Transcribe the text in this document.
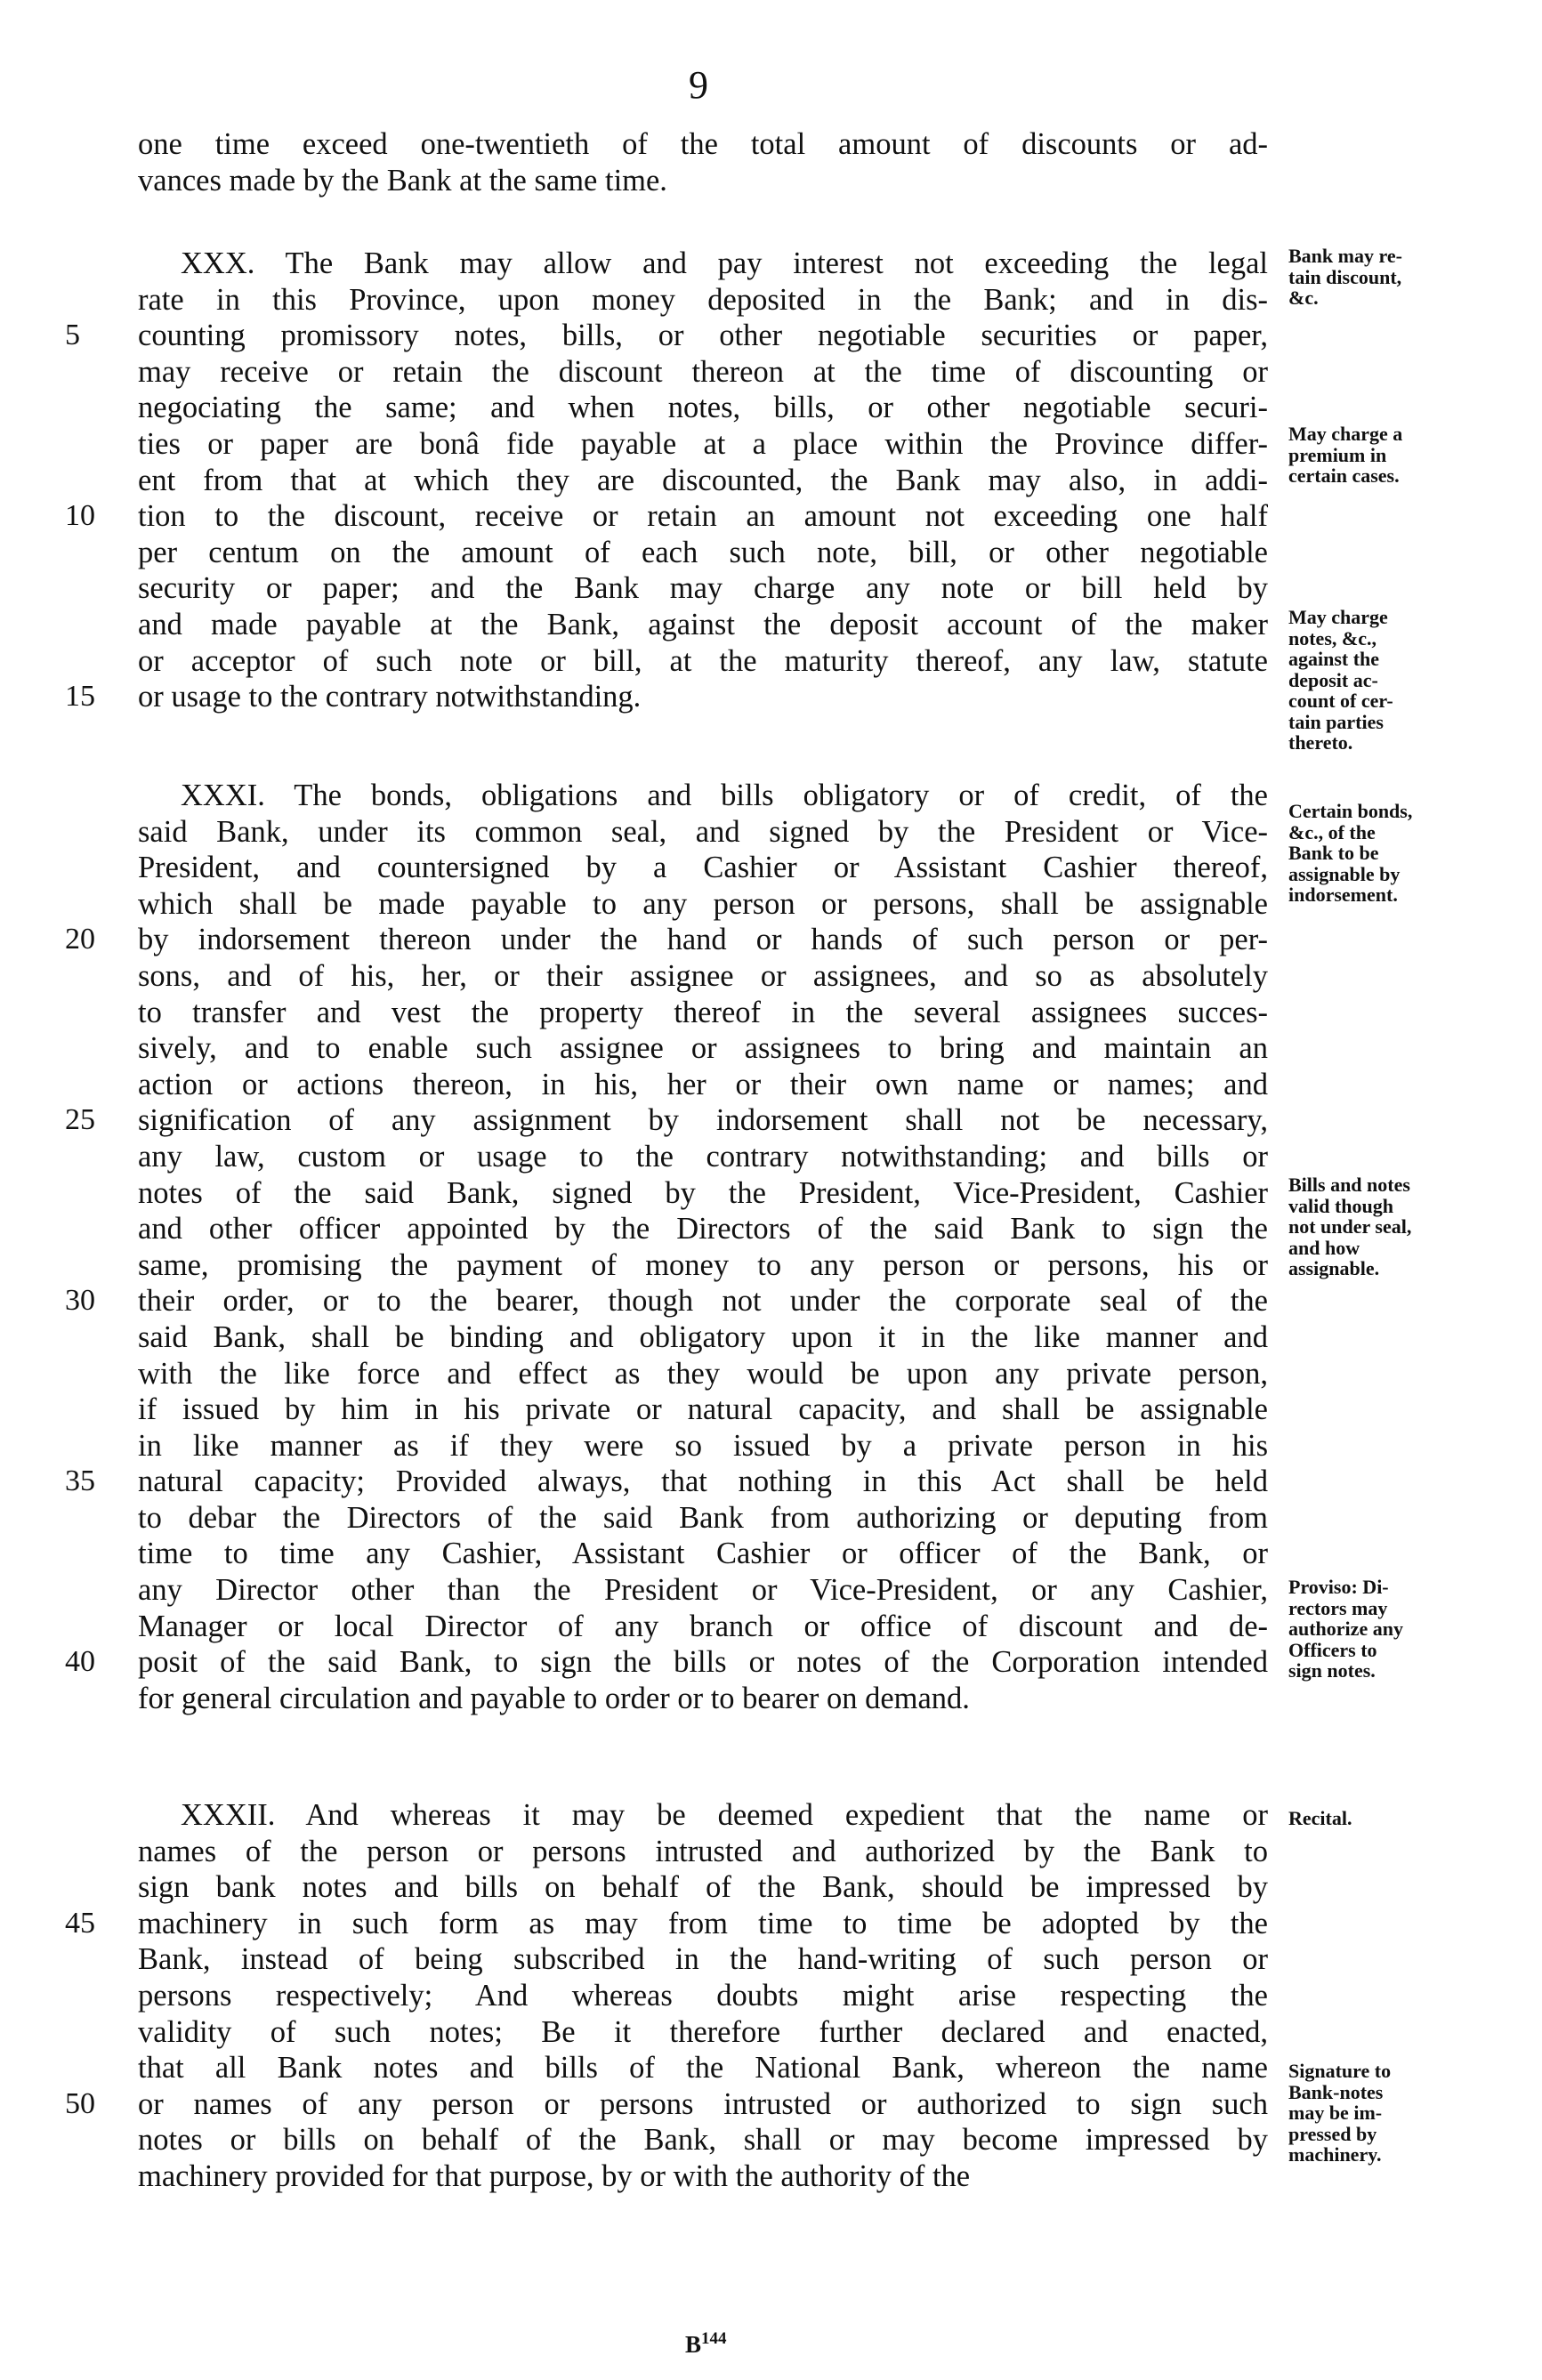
9
one time exceed one-twentieth of the total amount of discounts or ad-
vances made by the Bank at the same time.
XXX. The Bank may allow and pay interest not exceeding the legal
rate in this Province, upon money deposited in the Bank; and in dis-
counting promissory notes, bills, or other negotiable securities or paper,
5
may receive or retain the discount thereon at the time of discounting or
negociating the same; and when notes, bills, or other negotiable securi-
ties or paper are bonâ fide payable at a place within the Province differ-
ent from that at which they are discounted, the Bank may also, in addi-
tion to the discount, receive or retain an amount not exceeding one half
10
per centum on the amount of each such note, bill, or other negotiable
security or paper; and the Bank may charge any note or bill held by
and made payable at the Bank, against the deposit account of the maker
or acceptor of such note or bill, at the maturity thereof, any law, statute
or usage to the contrary notwithstanding.
15
XXXI. The bonds, obligations and bills obligatory or of credit, of the
said Bank, under its common seal, and signed by the President or Vice-
President, and countersigned by a Cashier or Assistant Cashier thereof,
which shall be made payable to any person or persons, shall be assignable
by indorsement thereon under the hand or hands of such person or per-
20
sons, and of his, her, or their assignee or assignees, and so as absolutely
to transfer and vest the property thereof in the several assignees succes-
sively, and to enable such assignee or assignees to bring and maintain an
action or actions thereon, in his, her or their own name or names; and
signification of any assignment by indorsement shall not be necessary,
25
any law, custom or usage to the contrary notwithstanding; and bills or
notes of the said Bank, signed by the President, Vice-President, Cashier
and other officer appointed by the Directors of the said Bank to sign the
same, promising the payment of money to any person or persons, his or
their order, or to the bearer, though not under the corporate seal of the
30
said Bank, shall be binding and obligatory upon it in the like manner and
with the like force and effect as they would be upon any private person,
if issued by him in his private or natural capacity, and shall be assignable
in like manner as if they were so issued by a private person in his
natural capacity; Provided always, that nothing in this Act shall be held
35
to debar the Directors of the said Bank from authorizing or deputing from
time to time any Cashier, Assistant Cashier or officer of the Bank, or
any Director other than the President or Vice-President, or any Cashier,
Manager or local Director of any branch or office of discount and de-
posit of the said Bank, to sign the bills or notes of the Corporation intended
40
for general circulation and payable to order or to bearer on demand.
XXXII. And whereas it may be deemed expedient that the name or
names of the person or persons intrusted and authorized by the Bank to
sign bank notes and bills on behalf of the Bank, should be impressed by
machinery in such form as may from time to time be adopted by the
45
Bank, instead of being subscribed in the hand-writing of such person or
persons respectively; And whereas doubts might arise respecting the
validity of such notes; Be it therefore further declared and enacted,
that all Bank notes and bills of the National Bank, whereon the name
or names of any person or persons intrusted or authorized to sign such
50
notes or bills on behalf of the Bank, shall or may become impressed by
machinery provided for that purpose, by or with the authority of the
Bank may re-
tain discount,
&c.
May charge a
premium in
certain cases.
May charge
notes, &c.,
against the
deposit ac-
count of cer-
tain parties
thereto.
Certain bonds,
&c., of the
Bank to be
assignable by
indorsement.
Bills and notes
valid though
not under seal,
and how
assignable.
Proviso: Di-
rectors may
authorize any
Officers to
sign notes.
Recital.
Signature to
Bank-notes
may be im-
pressed by
machinery.
$B^{144}$
